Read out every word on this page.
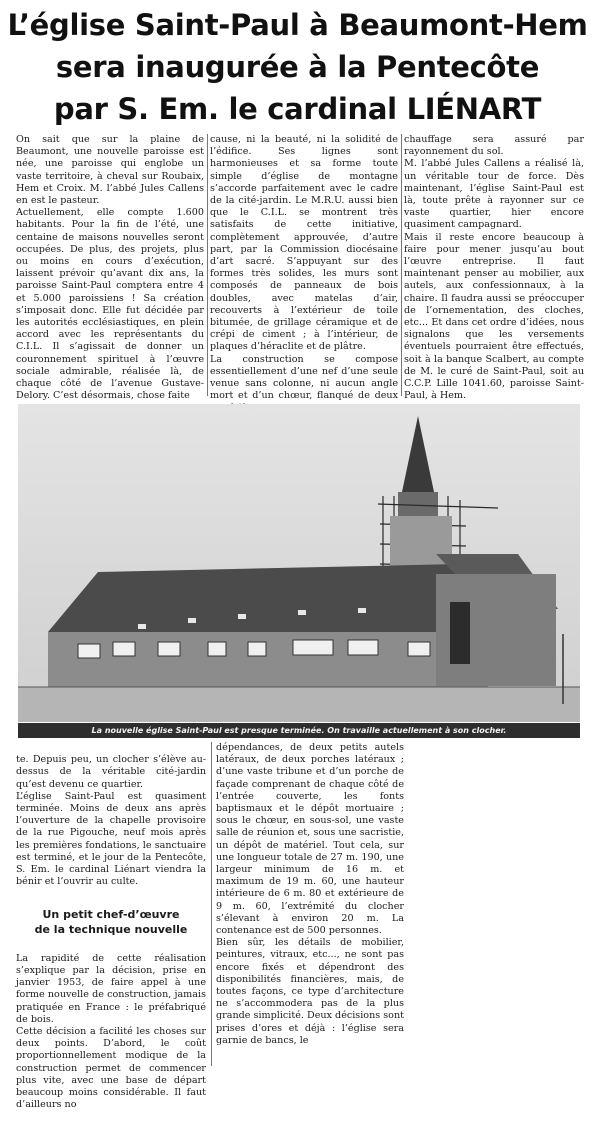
L’église Saint-Paul à Beaumont-Hem
sera inaugurée à la Pentecôte
par S. Em. le cardinal LIÉNART
On sait que sur la plaine de Beaumont, une nouvelle paroisse est née, une paroisse qui englobe un vaste territoire, à cheval sur Roubaix, Hem et Croix. M. l’abbé Jules Callens en est le pasteur.
Actuellement, elle compte 1.600 habitants. Pour la fin de l’été, une centaine de maisons nouvelles seront occupées. De plus, des projets, plus ou moins en cours d’exécution, laissent prévoir qu’avant dix ans, la paroisse Saint-Paul comptera entre 4 et 5.000 paroissiens ! Sa création s’imposait donc. Elle fut décidée par les autorités ecclésiastiques, en plein accord avec les représentants du C.I.L. Il s’agissait de donner un couronnement spirituel à l’œuvre sociale admirable, réalisée là, de chaque côté de l’avenue Gustave-Delory. C’est désormais, chose faite
cause, ni la beauté, ni la solidité de l’édifice. Ses lignes sont harmonieuses et sa forme toute simple d’église de montagne s’accorde parfaitement avec le cadre de la cité-jardin. Le M.R.U. aussi bien que le C.I.L. se montrent très satisfaits de cette initiative, complètement approuvée, d’autre part, par la Commission diocésaine d’art sacré. S’appuyant sur des formes très solides, les murs sont composés de panneaux de bois doubles, avec matelas d’air, recouverts à l’extérieur de toile bitumée, de grillage céramique et de crépi de ciment ; à l’intérieur, de plaques d’héraclite et de plâtre.
La construction se compose essentiellement d’une nef d’une seule venue sans colonne, ni aucun angle mort et d’un chœur, flanqué de deux
chauffage sera assuré par rayonnement du sol.
M. l’abbé Jules Callens a réalisé là, un véritable tour de force. Dès maintenant, l’église Saint-Paul est là, toute prête à rayonner sur ce vaste quartier, hier encore quasiment campagnard.
Mais il reste encore beaucoup à faire pour mener jusqu’au bout l’œuvre entreprise. Il faut maintenant penser au mobilier, aux autels, aux confessionnaux, à la chaire. Il faudra aussi se préoccuper de l’ornementation, des cloches, etc... Et dans cet ordre d’idées, nous signalons que les versements éventuels pourraient être effectués, soit à la banque Scalbert, au compte de M. le curé de Saint-Paul, soit au C.C.P. Lille 1041.60, paroisse Saint-Paul, à Hem.
La nouvelle église Saint-Paul est presque terminée. On travaille actuellement à son clocher.

te. Depuis peu, un clocher s’élève au-dessus de la véritable cité-jardin qu’est devenu ce quartier.
L’église Saint-Paul est quasiment terminée. Moins de deux ans après l’ouverture de la chapelle provisoire de la rue Pigouche, neuf mois après les premières fondations, le sanctuaire est terminé, et le jour de la Pentecôte, S. Em. le cardinal Liénart viendra la bénir et l’ouvrir au culte.

Un petit chef-d’œuvre
de la technique nouvelle

La rapidité de cette réalisation s’explique par la décision, prise en janvier 1953, de faire appel à une forme nouvelle de construction, jamais pratiquée en France : le préfabriqué de bois.
Cette décision a facilité les choses sur deux points. D’abord, le coût proportionnellement modique de la construction permet de commencer plus vite, avec une base de départ beaucoup moins considérable. Il faut d’ailleurs no

dépendances, de deux petits autels latéraux, de deux porches latéraux ; d’une vaste tribune et d’un porche de façade comprenant de chaque côté de l’entrée couverte, les fonts baptismaux et le dépôt mortuaire ; sous le chœur, en sous-sol, une vaste salle de réunion et, sous une sacristie, un dépôt de matériel. Tout cela, sur une longueur totale de 27 m. 190, une largeur minimum de 16 m. et maximum de 19 m. 60, une hauteur intérieure de 6 m. 80 et extérieure de 9 m. 60, l’extrémité du clocher s’élevant à environ 20 m. La contenance est de 500 personnes.
Bien sûr, les détails de mobilier, peintures, vitraux, etc..., ne sont pas encore fixés et dépendront des disponibilités financières, mais, de toutes façons, ce type d’architecture ne s’accommodera pas de la plus grande simplicité. Deux décisions sont prises d’ores et déjà : l’église sera garnie de bancs, le
